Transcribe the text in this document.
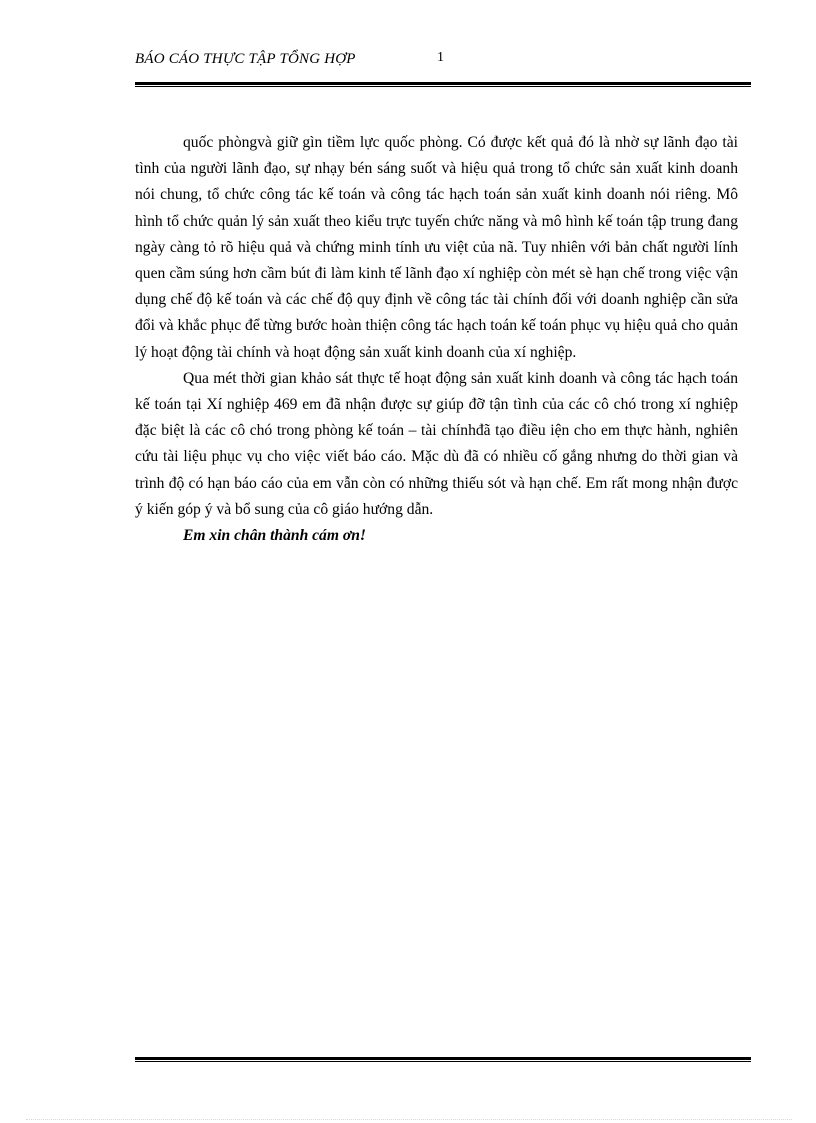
BÁO CÁO THỰC TẬP TỔNG HỢP	1

quốc phòngvà giữ gìn tiềm lực quốc phòng. Có được kết quả đó là nhờ sự lãnh đạo tài tình của người lãnh đạo, sự nhạy bén sáng suốt và hiệu quả trong tổ chức sản xuất kinh doanh nói chung, tổ chức công tác kế toán và công tác hạch toán sản xuất kinh doanh nói riêng. Mô hình tổ chức quản lý sản xuất theo kiểu trực tuyến chức năng và mô hình kế toán tập trung đang ngày càng tỏ rõ hiệu quả và chứng minh tính ưu việt của nã. Tuy nhiên với bản chất người lính quen cầm súng hơn cầm bút đi làm kinh tế lãnh đạo xí nghiệp còn mét sè hạn chế trong việc vận dụng chế độ kế toán và các chế độ quy định về công tác tài chính đối với doanh nghiệp cần sửa đổi và khắc phục để từng bước hoàn thiện công tác hạch toán kế toán phục vụ hiệu quả cho quản lý hoạt động tài chính và hoạt động sản xuất kinh doanh của xí nghiệp.

Qua mét thời gian khảo sát thực tế hoạt động sản xuất kinh doanh và công tác hạch toán kế toán tại Xí nghiệp 469 em đã nhận được sự giúp đỡ tận tình của các cô chó trong xí nghiệp đặc biệt là các cô chó trong phòng kế toán – tài chínhđã tạo điều iện cho em thực hành, nghiên cứu tài liệu phục vụ cho việc viết báo cáo. Mặc dù đã có nhiều cố gắng nhưng do thời gian và trình độ có hạn báo cáo của em vẫn còn có những thiếu sót và hạn chế. Em rất mong nhận được ý kiến góp ý và bổ sung của cô giáo hướng dẫn.

Em xin chân thành cám ơn!
